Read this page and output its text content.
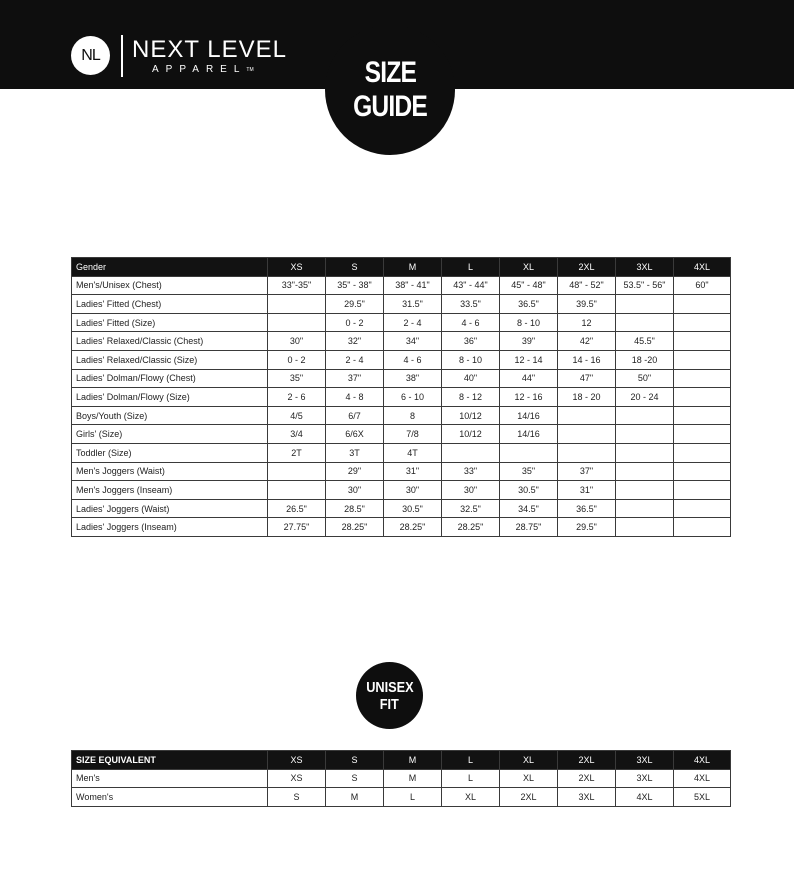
NL NEXT LEVEL
APPAREL™	SIZE
GUIDE
Gender	XS	S	M	L	XL	2XL	3XL	4XL
Men's/Unisex (Chest)	33"-35"	35" - 38"	38" - 41"	43" - 44"	45" - 48"	48" - 52"	53.5" - 56"	60"
Ladies' Fitted (Chest)		29.5"	31.5"	33.5"	36.5"	39.5"		
Ladies' Fitted (Size)		0 - 2	2 - 4	4 - 6	8 - 10	12		
Ladies' Relaxed/Classic (Chest)	30"	32"	34"	36"	39"	42"	45.5"	
Ladies' Relaxed/Classic (Size)	0 - 2	2 - 4	4 - 6	8 - 10	12 - 14	14 - 16	18 -20	
Ladies' Dolman/Flowy (Chest)	35"	37"	38"	40"	44"	47"	50"	
Ladies' Dolman/Flowy (Size)	2 - 6	4 - 8	6 - 10	8 - 12	12 - 16	18 - 20	20 - 24	
Boys/Youth (Size)	4/5	6/7	8	10/12	14/16			
Girls' (Size)	3/4	6/6X	7/8	10/12	14/16			
Toddler (Size)	2T	3T	4T					
Men's Joggers (Waist)		29"	31"	33"	35"	37"		
Men's Joggers (Inseam)		30"	30"	30"	30.5"	31"		
Ladies' Joggers (Waist)	26.5"	28.5"	30.5"	32.5"	34.5"	36.5"		
Ladies' Joggers (Inseam)	27.75"	28.25"	28.25"	28.25"	28.75"	29.5"		
UNISEX
FIT
SIZE EQUIVALENT	XS	S	M	L	XL	2XL	3XL	4XL
Men's	XS	S	M	L	XL	2XL	3XL	4XL
Women's	S	M	L	XL	2XL	3XL	4XL	5XL
